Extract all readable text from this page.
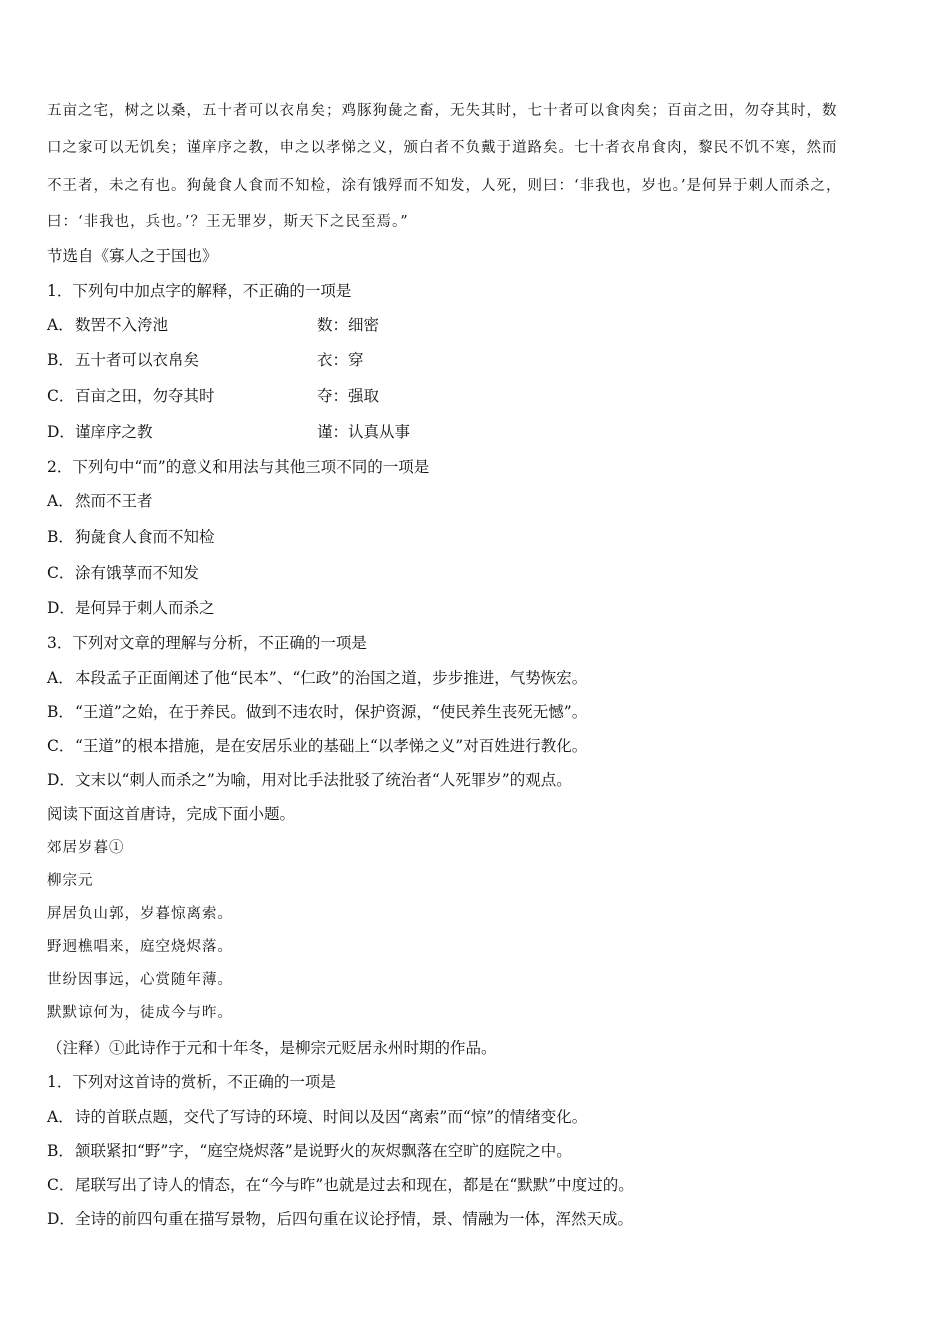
五亩之宅，树之以桑，五十者可以衣帛矣；鸡豚狗彘之畜，无失其时，七十者可以食肉矣；百亩之田，勿夺其时，数
口之家可以无饥矣；谨庠序之教，申之以孝悌之义，颁白者不负戴于道路矣。七十者衣帛食肉，黎民不饥不寒，然而
不王者，未之有也。狗彘食人食而不知检，涂有饿殍而不知发，人死，则曰：‘非我也，岁也。’是何异于刺人而杀之，
曰：‘非我也，兵也。’？王无罪岁，斯天下之民至焉。”
节选自《寡人之于国也》
1．下列句中加点字的解释，不正确的一项是
A． 数罟不入洿池	数：细密
B． 五十者可以衣帛矣	衣：穿
C． 百亩之田，勿夺其时	夺：强取
D． 谨庠序之教	谨：认真从事
2．下列句中“而”的意义和用法与其他三项不同的一项是
A． 然而不王者
B． 狗彘食人食而不知检
C． 涂有饿莩而不知发
D． 是何异于刺人而杀之
3．下列对文章的理解与分析，不正确的一项是
A． 本段孟子正面阐述了他“民本”、“仁政”的治国之道，步步推进，气势恢宏。
B． “王道”之始，在于养民。做到不违农时，保护资源，“使民养生丧死无憾”。
C． “王道”的根本措施，是在安居乐业的基础上“以孝悌之义”对百姓进行教化。
D． 文末以“刺人而杀之”为喻，用对比手法批驳了统治者“人死罪岁”的观点。
阅读下面这首唐诗，完成下面小题。
郊居岁暮①
柳宗元
屏居负山郭，岁暮惊离索。
野迥樵唱来，庭空烧烬落。
世纷因事远，心赏随年薄。
默默谅何为，徒成今与昨。
（注释）①此诗作于元和十年冬，是柳宗元贬居永州时期的作品。
1．下列对这首诗的赏析，不正确的一项是
A． 诗的首联点题，交代了写诗的环境、时间以及因“离索”而“惊”的情绪变化。
B． 颔联紧扣“野”字，“庭空烧烬落”是说野火的灰烬飘落在空旷的庭院之中。
C． 尾联写出了诗人的情态，在“今与昨”也就是过去和现在，都是在“默默”中度过的。
D． 全诗的前四句重在描写景物，后四句重在议论抒情，景、情融为一体，浑然天成。
